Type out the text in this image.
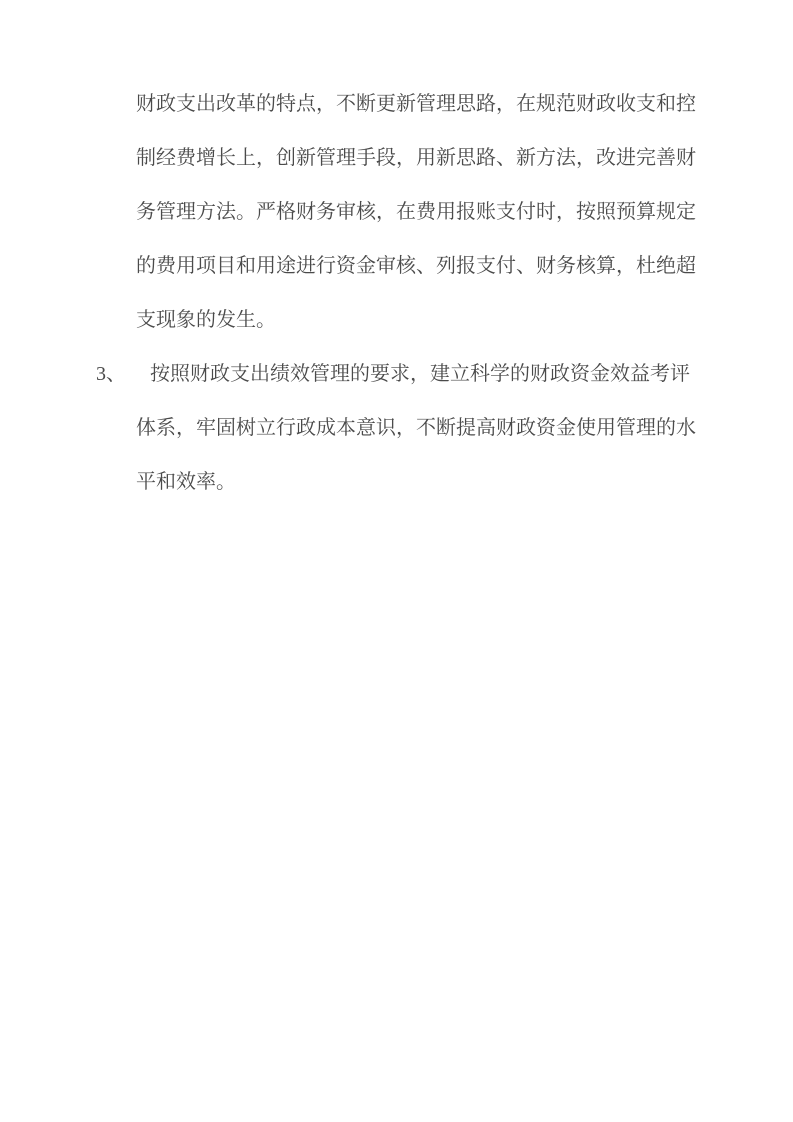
财政支出改革的特点，不断更新管理思路，在规范财政收支和控
制经费增长上，创新管理手段，用新思路、新方法，改进完善财
务管理方法。严格财务审核，在费用报账支付时，按照预算规定
的费用项目和用途进行资金审核、列报支付、财务核算，杜绝超
支现象的发生。
3、 按照财政支出绩效管理的要求，建立科学的财政资金效益考评
体系，牢固树立行政成本意识，不断提高财政资金使用管理的水
平和效率。
